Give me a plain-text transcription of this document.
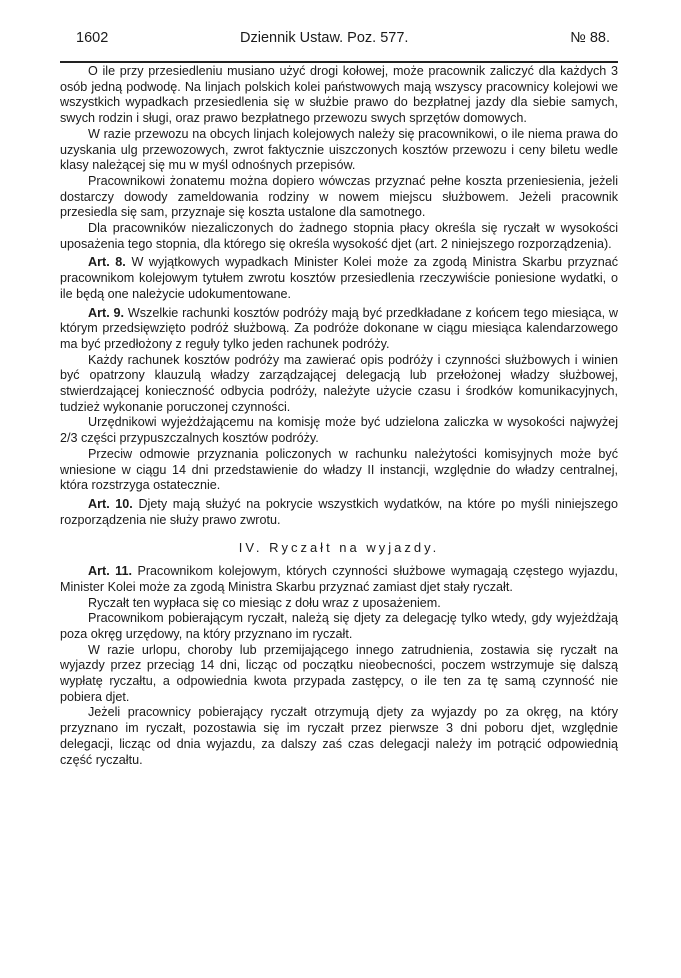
1602	Dziennik Ustaw. Poz. 577.	№ 88.

O ile przy przesiedleniu musiano użyć drogi kołowej, może pracownik zaliczyć dla każdych 3 osób jedną podwodę. Na linjach polskich kolei państwowych mają wszyscy pracownicy kolejowi we wszystkich wypadkach przesiedlenia się w służbie prawo do bezpłatnej jazdy dla siebie samych, swych rodzin i sługi, oraz prawo bezpłatnego przewozu swych sprzętów domowych.

W razie przewozu na obcych linjach kolejowych należy się pracownikowi, o ile niema prawa do uzyskania ulg przewozowych, zwrot faktycznie uiszczonych kosztów przewozu i ceny biletu wedle klasy należącej się mu w myśl odnośnych przepisów.

Pracownikowi żonatemu można dopiero wówczas przyznać pełne koszta przeniesienia, jeżeli dostarczy dowody zameldowania rodziny w nowem miejscu służbowem. Jeżeli pracownik przesiedla się sam, przyznaje się koszta ustalone dla samotnego.

Dla pracowników niezaliczonych do żadnego stopnia płacy określa się ryczałt w wysokości uposażenia tego stopnia, dla którego się określa wysokość djet (art. 2 niniejszego rozporządzenia).

Art. 8. W wyjątkowych wypadkach Minister Kolei może za zgodą Ministra Skarbu przyznać pracownikom kolejowym tytułem zwrotu kosztów przesiedlenia rzeczywiście poniesione wydatki, o ile będą one należycie udokumentowane.

Art. 9. Wszelkie rachunki kosztów podróży mają być przedkładane z końcem tego miesiąca, w którym przedsięwzięto podróż służbową. Za podróże dokonane w ciągu miesiąca kalendarzowego ma być przedłożony z reguły tylko jeden rachunek podróży.

Każdy rachunek kosztów podróży ma zawierać opis podróży i czynności służbowych i winien być opatrzony klauzulą władzy zarządzającej delegacją lub przełożonej władzy służbowej, stwierdzającej konieczność odbycia podróży, należyte użycie czasu i środków komunikacyjnych, tudzież wykonanie poruczonej czynności.

Urzędnikowi wyjeżdżającemu na komisję może być udzielona zaliczka w wysokości najwyżej 2/3 części przypuszczalnych kosztów podróży.

Przeciw odmowie przyznania policzonych w rachunku należytości komisyjnych może być wniesione w ciągu 14 dni przedstawienie do władzy II instancji, względnie do władzy centralnej, która rozstrzyga ostatecznie.

Art. 10. Djety mają służyć na pokrycie wszystkich wydatków, na które po myśli niniejszego rozporządzenia nie służy prawo zwrotu.

IV. Ryczałt na wyjazdy.

Art. 11. Pracownikom kolejowym, których czynności służbowe wymagają częstego wyjazdu, Minister Kolei może za zgodą Ministra Skarbu przyznać zamiast djet stały ryczałt.

Ryczałt ten wypłaca się co miesiąc z dołu wraz z uposażeniem.

Pracownikom pobierającym ryczałt, należą się djety za delegację tylko wtedy, gdy wyjeżdżają poza okręg urzędowy, na który przyznano im ryczałt.

W razie urlopu, choroby lub przemijającego innego zatrudnienia, zostawia się ryczałt na wyjazdy przez przeciąg 14 dni, licząc od początku nieobecności, poczem wstrzymuje się dalszą wypłatę ryczałtu, a odpowiednia kwota przypada zastępcy, o ile ten za tę samą czynność nie pobiera djet.

Jeżeli pracownicy pobierający ryczałt otrzymują djety za wyjazdy po za okręg, na który przyznano im ryczałt, pozostawia się im ryczałt przez pierwsze 3 dni poboru djet, względnie delegacji, licząc od dnia wyjazdu, za dalszy zaś czas delegacji należy im potrącić odpowiednią część ryczałtu.
